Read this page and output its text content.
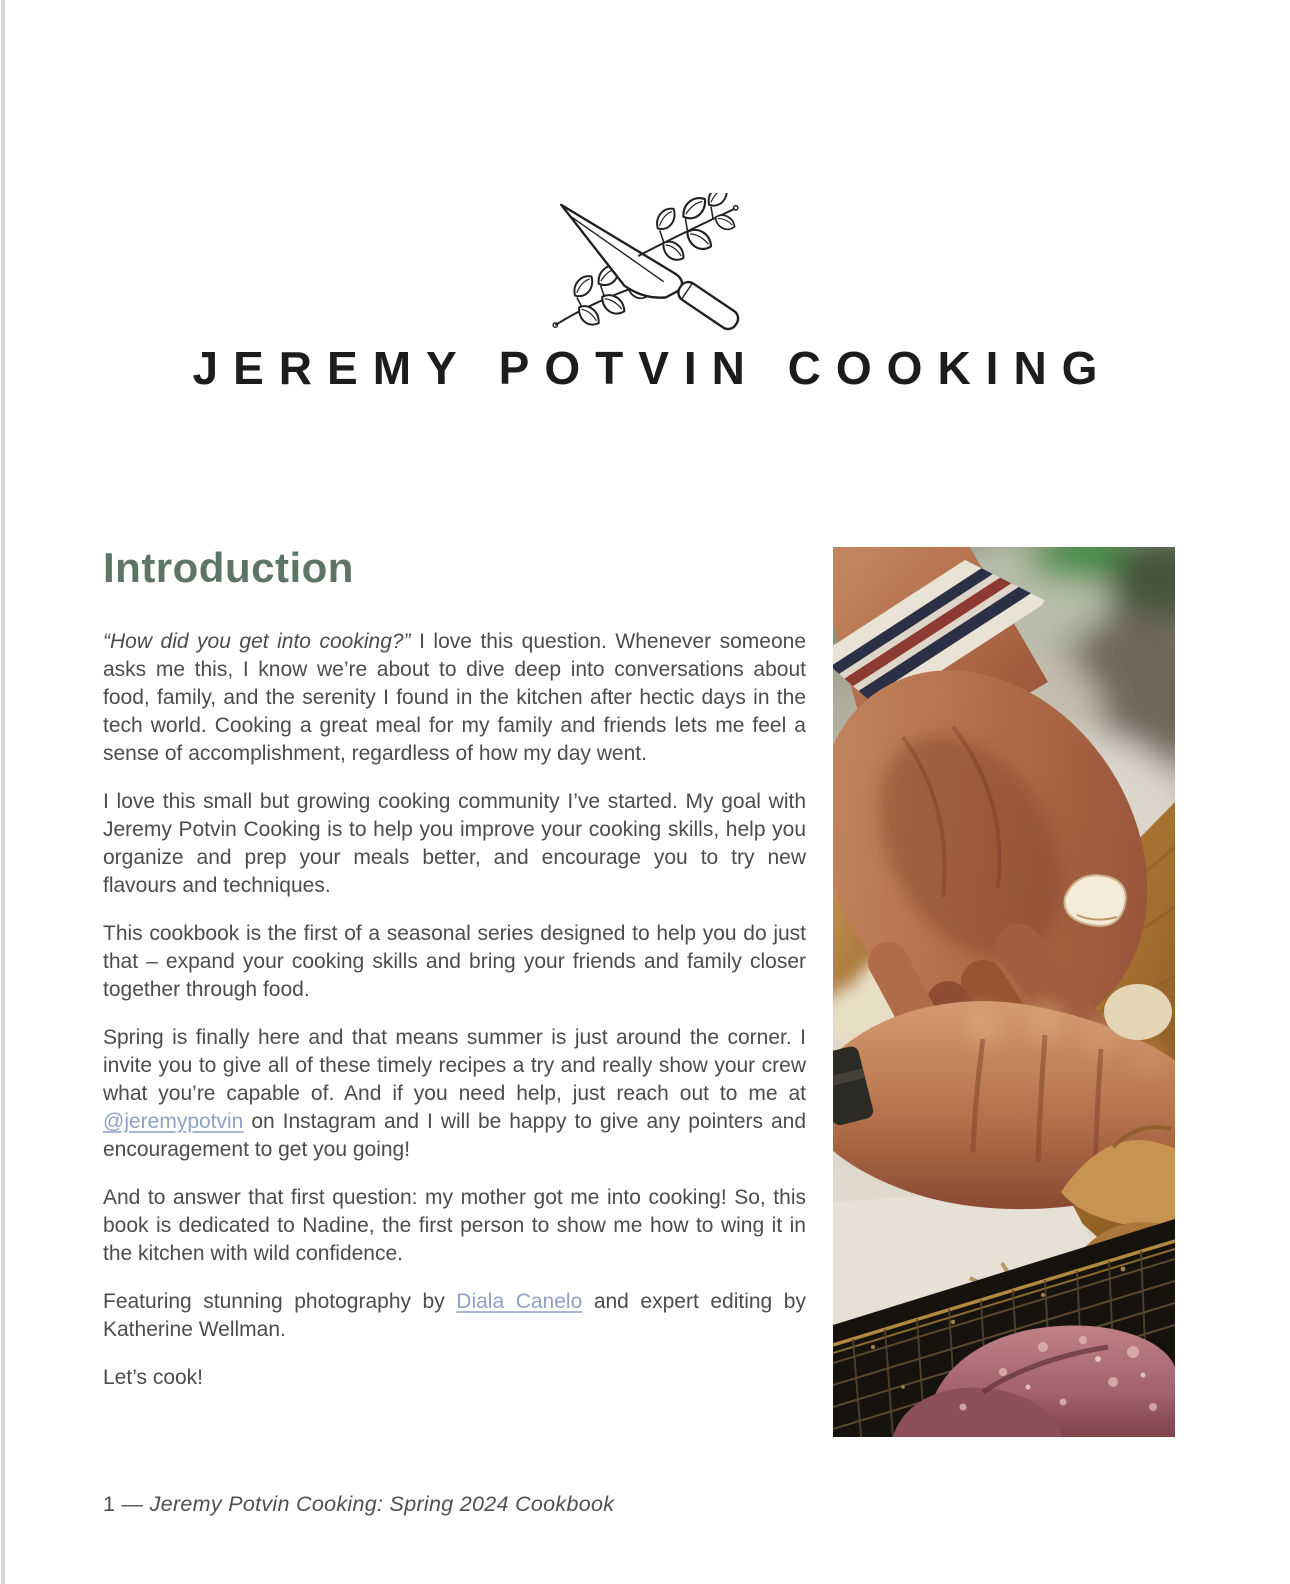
JEREMY POTVIN COOKING
Introduction

“How did you get into cooking?” I love this question. Whenever someone asks me this, I know we’re about to dive deep into conversations about food, family, and the serenity I found in the kitchen after hectic days in the tech world. Cooking a great meal for my family and friends lets me feel a sense of accomplishment, regardless of how my day went.

I love this small but growing cooking community I’ve started. My goal with Jeremy Potvin Cooking is to help you improve your cooking skills, help you organize and prep your meals better, and encourage you to try new flavours and techniques.

This cookbook is the first of a seasonal series designed to help you do just that – expand your cooking skills and bring your friends and family closer together through food.

Spring is finally here and that means summer is just around the corner. I invite you to give all of these timely recipes a try and really show your crew what you’re capable of. And if you need help, just reach out to me at @jeremypotvin on Instagram and I will be happy to give any pointers and encouragement to get you going!

And to answer that first question: my mother got me into cooking! So, this book is dedicated to Nadine, the first person to show me how to wing it in the kitchen with wild confidence.

Featuring stunning photography by Diala Canelo and expert editing by Katherine Wellman.

Let’s cook!

1 — Jeremy Potvin Cooking: Spring 2024 Cookbook
